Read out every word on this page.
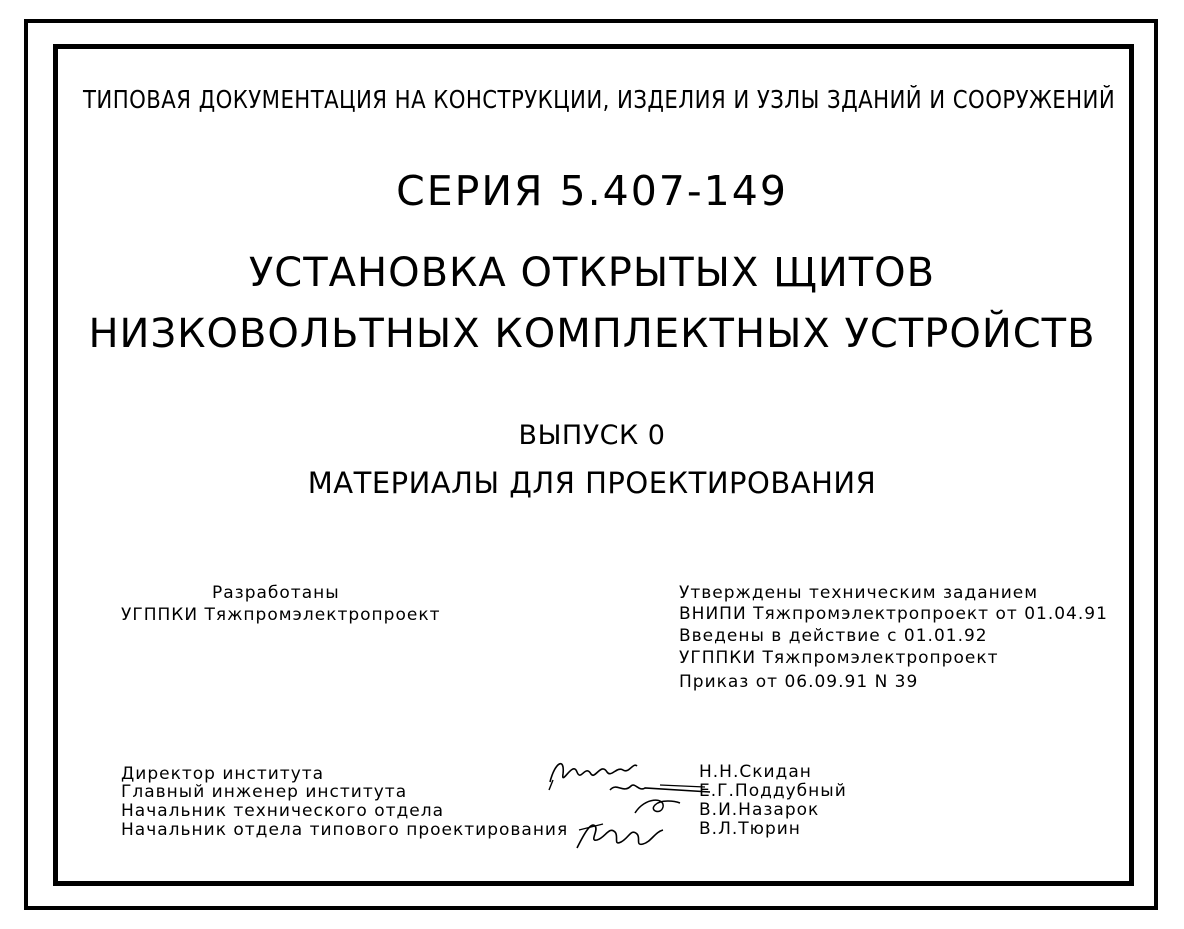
ТИПОВАЯ ДОКУМЕНТАЦИЯ НА КОНСТРУКЦИИ, ИЗДЕЛИЯ И УЗЛЫ ЗДАНИЙ И СООРУЖЕНИЙ
СЕРИЯ 5.407-149
УСТАНОВКА ОТКРЫТЫХ ЩИТОВ
НИЗКОВОЛЬТНЫХ КОМПЛЕКТНЫХ УСТРОЙСТВ
ВЫПУСК 0
МАТЕРИАЛЫ ДЛЯ ПРОЕКТИРОВАНИЯ
Разработаны
УГППКИ Тяжпромэлектропроект
Утверждены техническим заданием
ВНИПИ Тяжпромэлектропроект от 01.04.91
Введены в действие с 01.01.92
УГППКИ Тяжпромэлектропроект
Приказ от 06.09.91 N 39
Директор института
Главный инженер института
Начальник технического отдела
Начальник отдела типового проектирования
Н.Н.Скидан
Е.Г.Поддубный
В.И.Назарок
В.Л.Тюрин
